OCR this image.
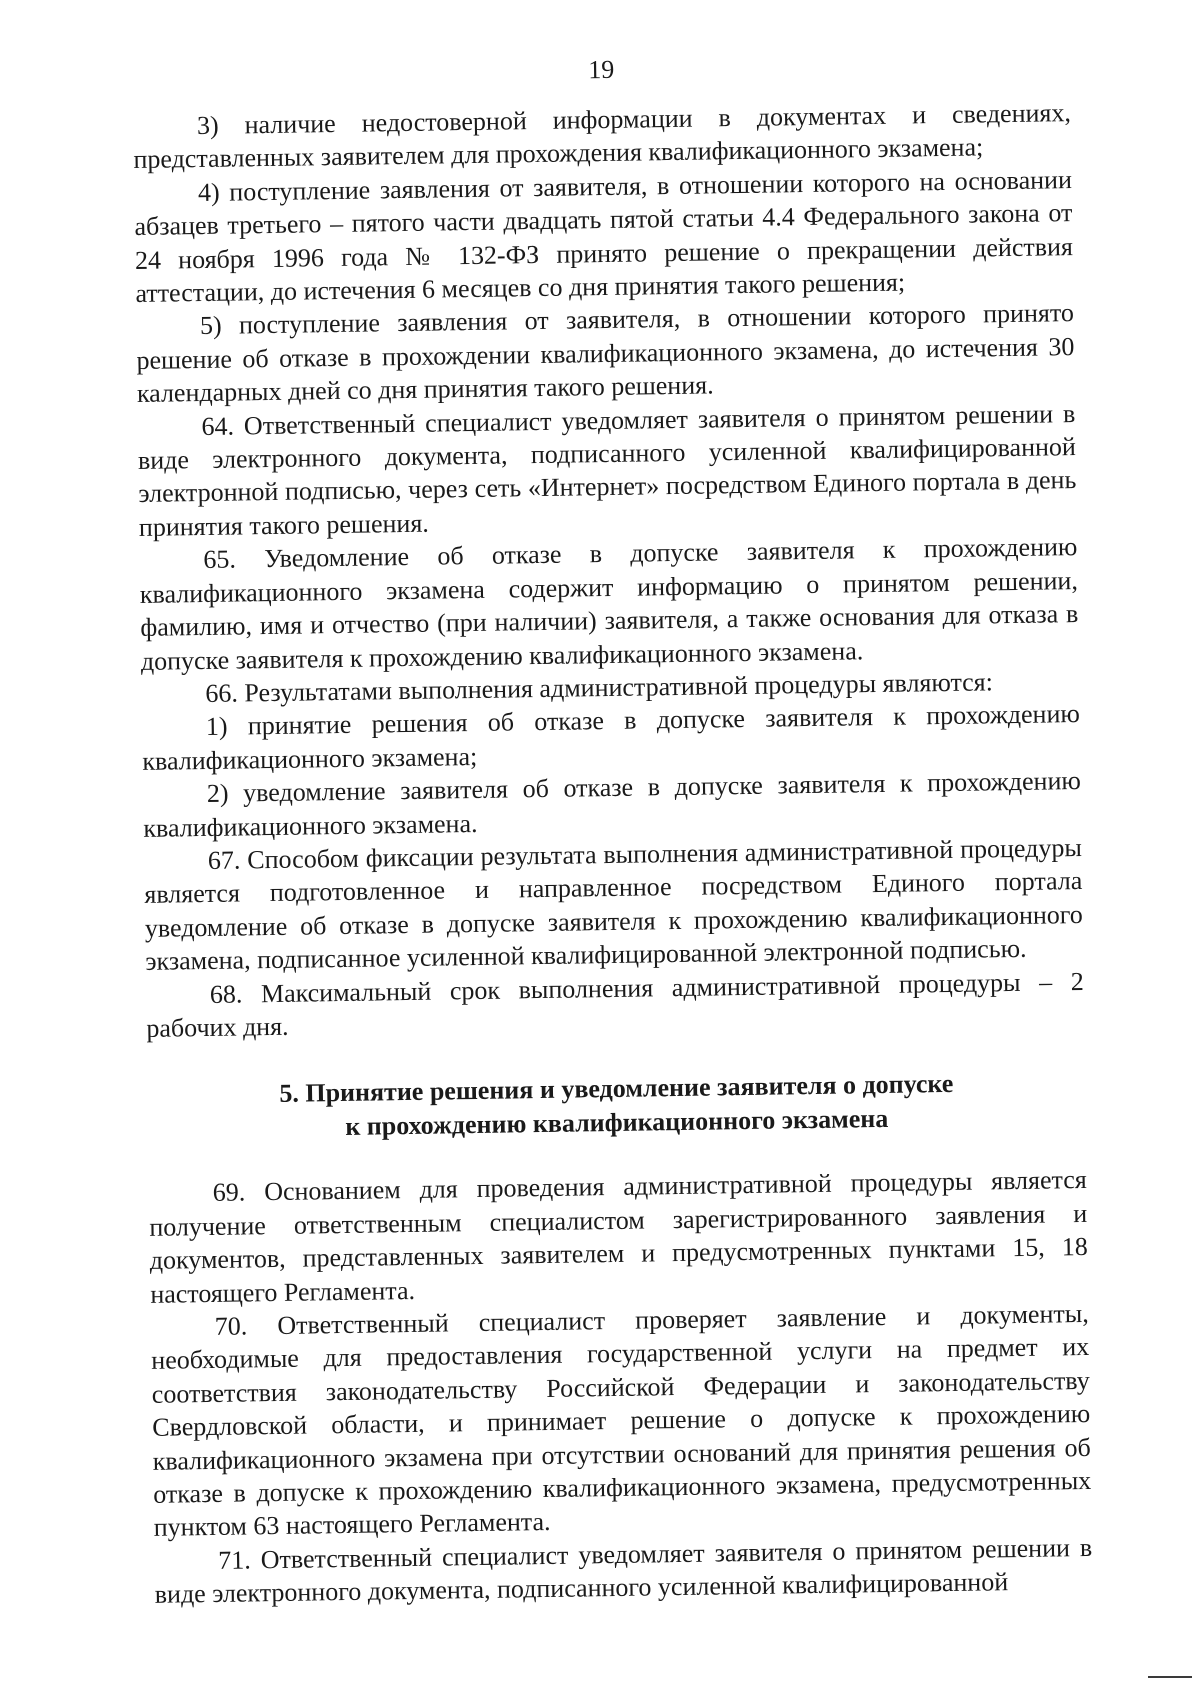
19

3) наличие недостоверной информации в документах и сведениях, представленных заявителем для прохождения квалификационного экзамена;

4) поступление заявления от заявителя, в отношении которого на основании абзацев третьего – пятого части двадцать пятой статьи 4.4 Федерального закона от 24 ноября 1996 года № 132-ФЗ принято решение о прекращении действия аттестации, до истечения 6 месяцев со дня принятия такого решения;

5) поступление заявления от заявителя, в отношении которого принято решение об отказе в прохождении квалификационного экзамена, до истечения 30 календарных дней со дня принятия такого решения.

64. Ответственный специалист уведомляет заявителя о принятом решении в виде электронного документа, подписанного усиленной квалифицированной электронной подписью, через сеть «Интернет» посредством Единого портала в день принятия такого решения.

65. Уведомление об отказе в допуске заявителя к прохождению квалификационного экзамена содержит информацию о принятом решении, фамилию, имя и отчество (при наличии) заявителя, а также основания для отказа в допуске заявителя к прохождению квалификационного экзамена.

66. Результатами выполнения административной процедуры являются:

1) принятие решения об отказе в допуске заявителя к прохождению квалификационного экзамена;

2) уведомление заявителя об отказе в допуске заявителя к прохождению квалификационного экзамена.

67. Способом фиксации результата выполнения административной процедуры является подготовленное и направленное посредством Единого портала уведомление об отказе в допуске заявителя к прохождению квалификационного экзамена, подписанное усиленной квалифицированной электронной подписью.

68. Максимальный срок выполнения административной процедуры – 2 рабочих дня.

5. Принятие решения и уведомление заявителя о допуске
к прохождению квалификационного экзамена

69. Основанием для проведения административной процедуры является получение ответственным специалистом зарегистрированного заявления и документов, представленных заявителем и предусмотренных пунктами 15, 18 настоящего Регламента.

70. Ответственный специалист проверяет заявление и документы, необходимые для предоставления государственной услуги на предмет их соответствия законодательству Российской Федерации и законодательству Свердловской области, и принимает решение о допуске к прохождению квалификационного экзамена при отсутствии оснований для принятия решения об отказе в допуске к прохождению квалификационного экзамена, предусмотренных пунктом 63 настоящего Регламента.

71. Ответственный специалист уведомляет заявителя о принятом решении в виде электронного документа, подписанного усиленной квалифицированной
